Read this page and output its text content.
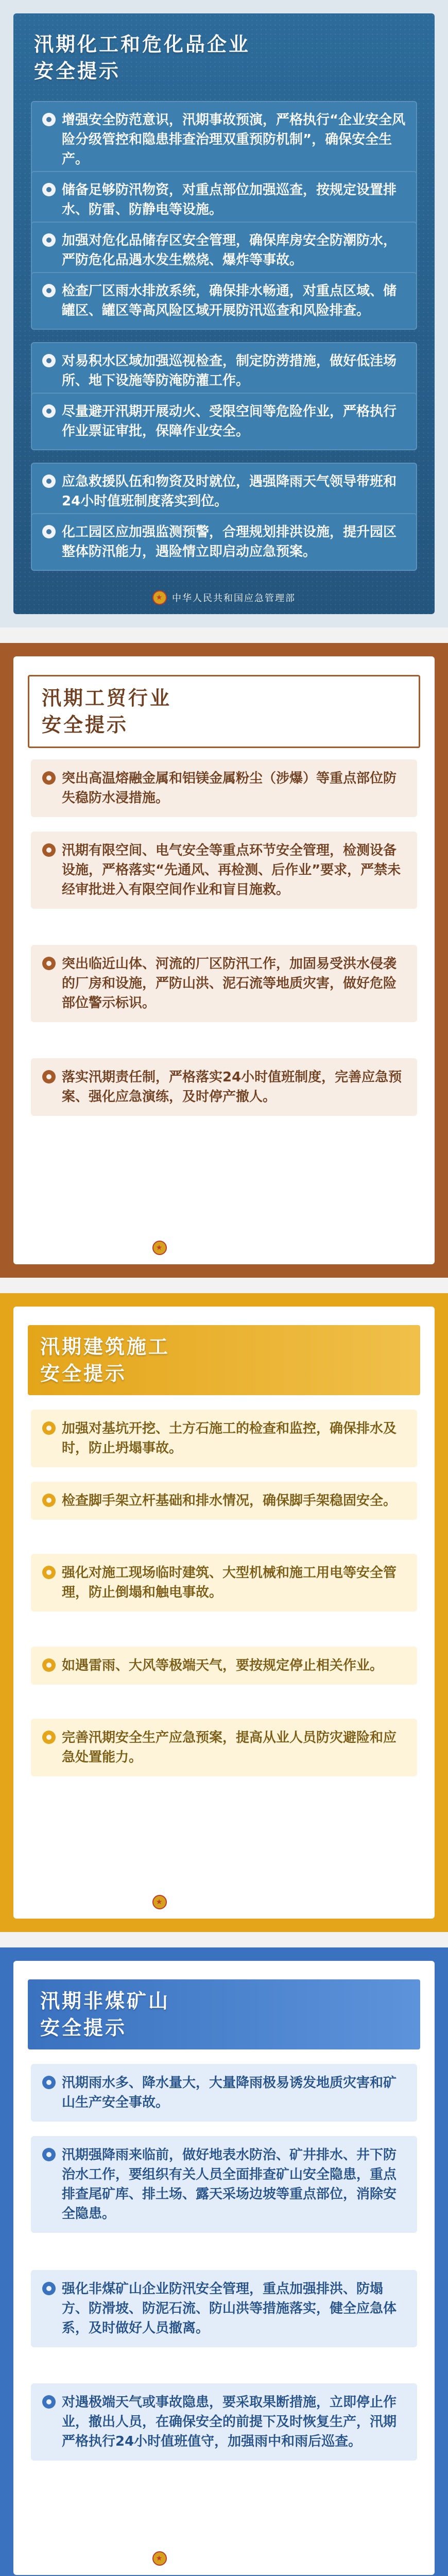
汛期化工和危化品企业
安全提示
增强安全防范意识，汛期事故预演，严格执行“企业安全风险分级管控和隐患排查治理双重预防机制”，确保安全生产。
储备足够防汛物资，对重点部位加强巡查，按规定设置排水、防雷、防静电等设施。
加强对危化品储存区安全管理，确保库房安全防潮防水，严防危化品遇水发生燃烧、爆炸等事故。
检查厂区雨水排放系统，确保排水畅通，对重点区域、储罐区、罐区等高风险区域开展防汛巡查和风险排查。
对易积水区域加强巡视检查，制定防涝措施，做好低洼场所、地下设施等防淹防灌工作。
尽量避开汛期开展动火、受限空间等危险作业，严格执行作业票证审批，保障作业安全。
应急救援队伍和物资及时就位，遇强降雨天气领导带班和24小时值班制度落实到位。
化工园区应加强监测预警，合理规划排洪设施，提升园区整体防汛能力，遇险情立即启动应急预案。
★
中华人民共和国应急管理部
汛期工贸行业
安全提示
突出高温熔融金属和铝镁金属粉尘（涉爆）等重点部位防失稳防水浸措施。
汛期有限空间、电气安全等重点环节安全管理，检测设备设施，严格落实“先通风、再检测、后作业”要求，严禁未经审批进入有限空间作业和盲目施救。
突出临近山体、河流的厂区防汛工作，加固易受洪水侵袭的厂房和设施，严防山洪、泥石流等地质灾害，做好危险部位警示标识。
落实汛期责任制，严格落实24小时值班制度，完善应急预案、强化应急演练，及时停产撤人。
★
中华人民共和国应急管理部
汛期建筑施工
安全提示
加强对基坑开挖、土方石施工的检查和监控，确保排水及时，防止坍塌事故。
检查脚手架立杆基础和排水情况，确保脚手架稳固安全。
强化对施工现场临时建筑、大型机械和施工用电等安全管理，防止倒塌和触电事故。
如遇雷雨、大风等极端天气，要按规定停止相关作业。
完善汛期安全生产应急预案，提高从业人员防灾避险和应急处置能力。
★
中华人民共和国应急管理部
汛期非煤矿山
安全提示
汛期雨水多、降水量大，大量降雨极易诱发地质灾害和矿山生产安全事故。
汛期强降雨来临前，做好地表水防治、矿井排水、井下防治水工作，要组织有关人员全面排查矿山安全隐患，重点排查尾矿库、排土场、露天采场边坡等重点部位，消除安全隐患。
强化非煤矿山企业防汛安全管理，重点加强排洪、防塌方、防滑坡、防泥石流、防山洪等措施落实，健全应急体系，及时做好人员撤离。
对遇极端天气或事故隐患，要采取果断措施，立即停止作业，撤出人员，在确保安全的前提下及时恢复生产，汛期严格执行24小时值班值守，加强雨中和雨后巡查。
★
中华人民共和国应急管理部
